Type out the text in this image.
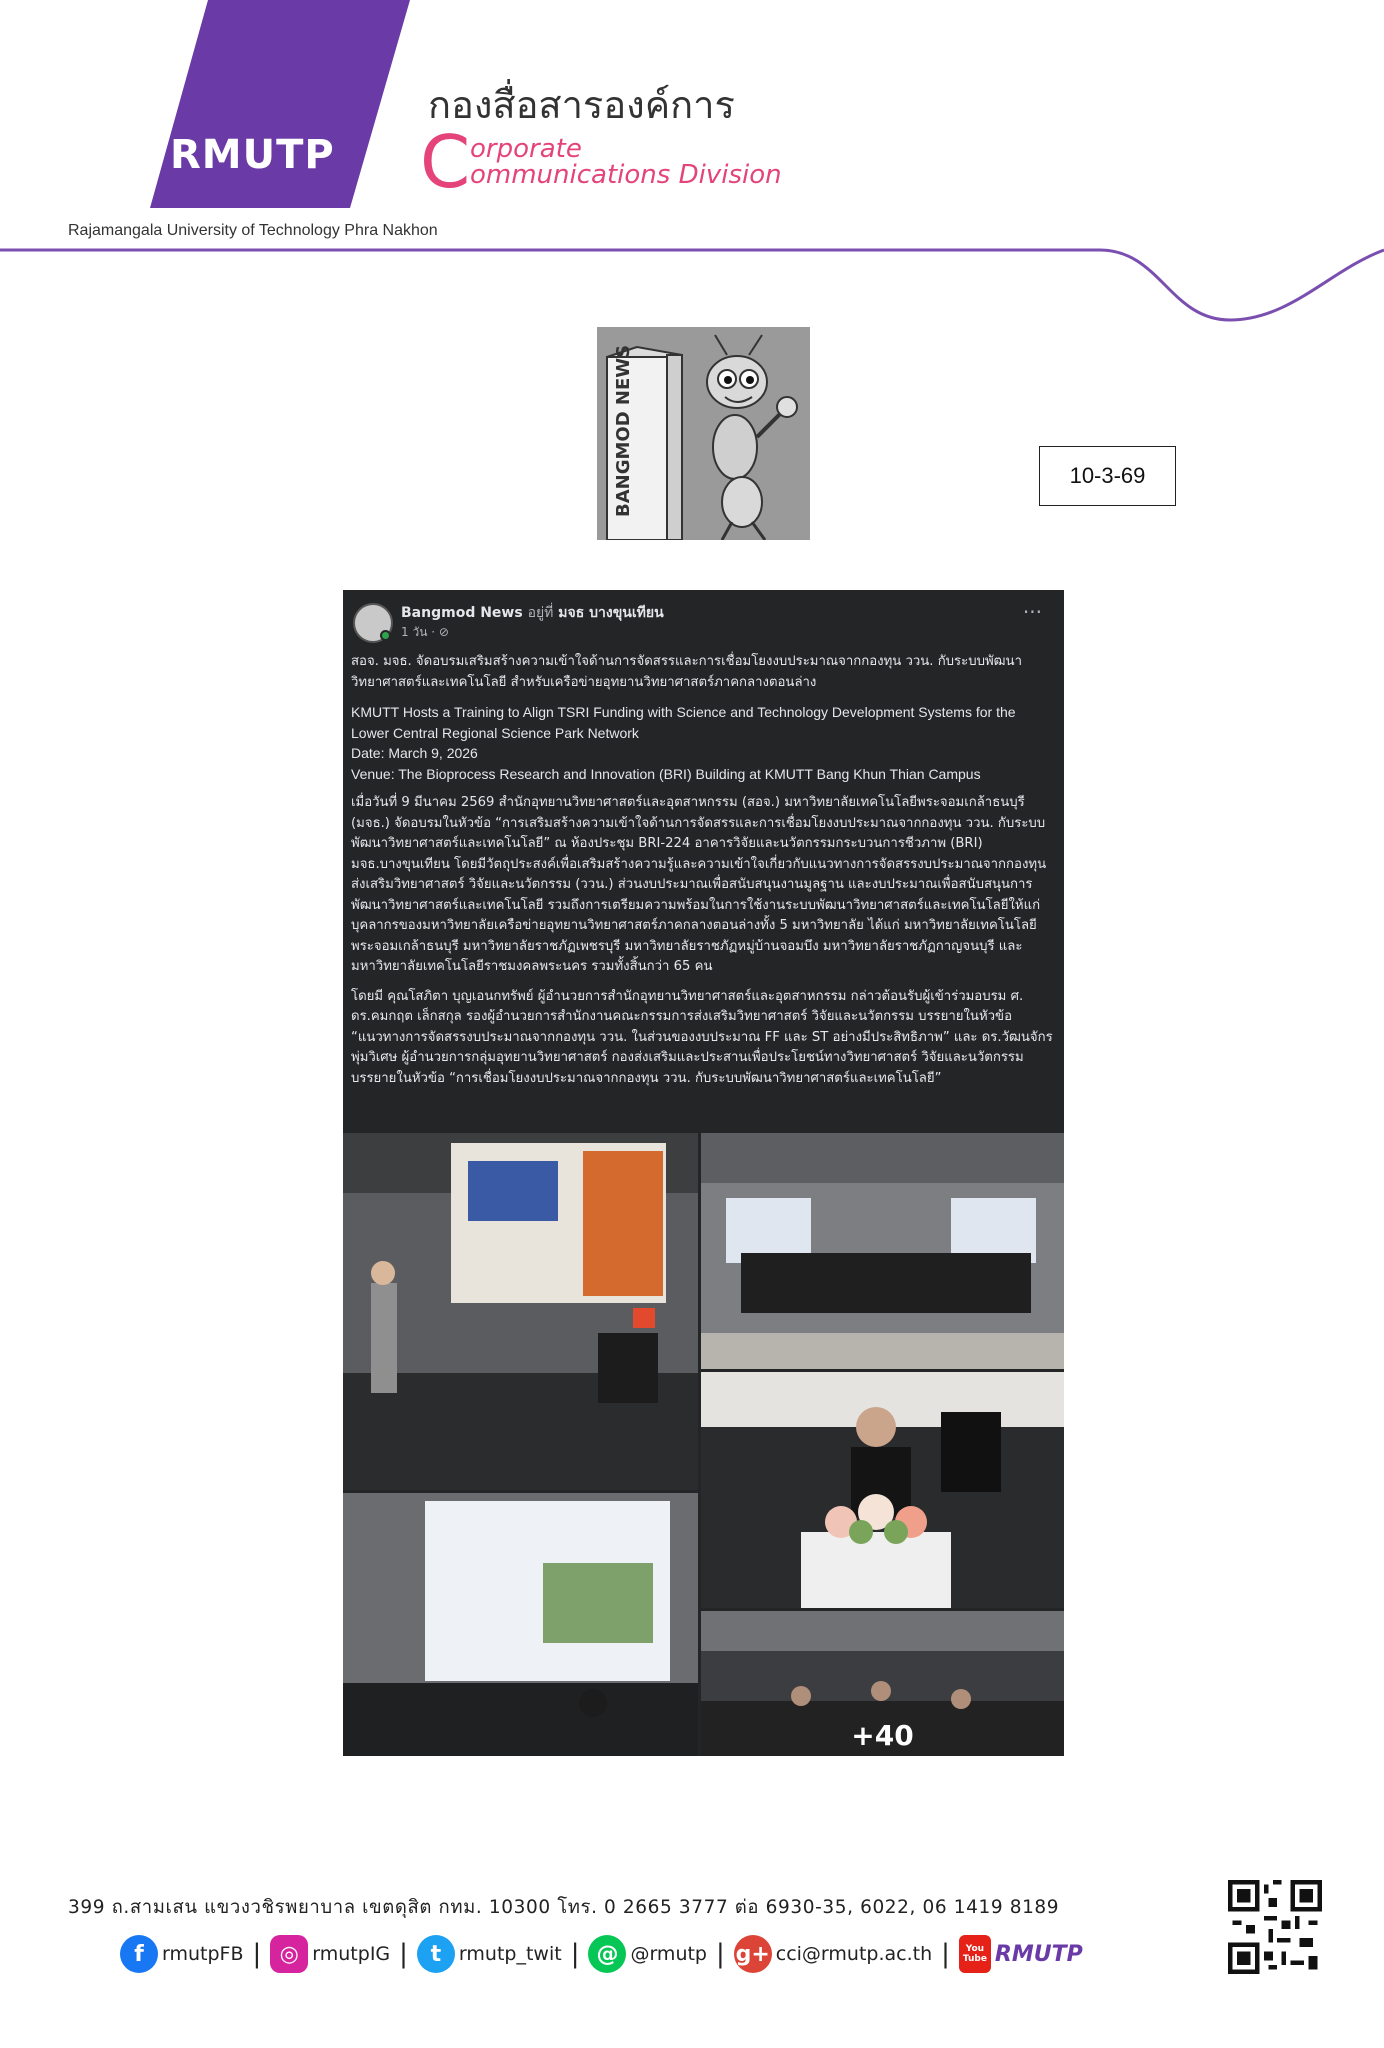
RMUTP
กองสื่อสารองค์การ
C orporate
ommunications Division
Rajamangala University of Technology Phra Nakhon
BANGMOD NEWS	10-3-69
Bangmod News อยู่ที่ มจธ บางขุนเทียน
1 วัน · ⊘
···

สอจ. มจธ. จัดอบรมเสริมสร้างความเข้าใจด้านการจัดสรรและการเชื่อมโยงงบประมาณจากกองทุน ววน. กับระบบพัฒนาวิทยาศาสตร์และเทคโนโลยี สำหรับเครือข่ายอุทยานวิทยาศาสตร์ภาคกลางตอนล่าง

KMUTT Hosts a Training to Align TSRI Funding with Science and Technology Development Systems for the Lower Central Regional Science Park Network

Date: March 9, 2026

Venue: The Bioprocess Research and Innovation (BRI) Building at KMUTT Bang Khun Thian Campus

เมื่อวันที่ 9 มีนาคม 2569 สำนักอุทยานวิทยาศาสตร์และอุตสาหกรรม (สอจ.) มหาวิทยาลัยเทคโนโลยีพระจอมเกล้าธนบุรี (มจธ.) จัดอบรมในหัวข้อ “การเสริมสร้างความเข้าใจด้านการจัดสรรและการเชื่อมโยงงบประมาณจากกองทุน ววน. กับระบบพัฒนาวิทยาศาสตร์และเทคโนโลยี” ณ ห้องประชุม BRI-224 อาคารวิจัยและนวัตกรรมกระบวนการชีวภาพ (BRI) มจธ.บางขุนเทียน โดยมีวัตถุประสงค์เพื่อเสริมสร้างความรู้และความเข้าใจเกี่ยวกับแนวทางการจัดสรรงบประมาณจากกองทุนส่งเสริมวิทยาศาสตร์ วิจัยและนวัตกรรม (ววน.) ส่วนงบประมาณเพื่อสนับสนุนงานมูลฐาน และงบประมาณเพื่อสนับสนุนการพัฒนาวิทยาศาสตร์และเทคโนโลยี รวมถึงการเตรียมความพร้อมในการใช้งานระบบพัฒนาวิทยาศาสตร์และเทคโนโลยีให้แก่บุคลากรของมหาวิทยาลัยเครือข่ายอุทยานวิทยาศาสตร์ภาคกลางตอนล่างทั้ง 5 มหาวิทยาลัย ได้แก่ มหาวิทยาลัยเทคโนโลยีพระจอมเกล้าธนบุรี มหาวิทยาลัยราชภัฏเพชรบุรี มหาวิทยาลัยราชภัฏหมู่บ้านจอมบึง มหาวิทยาลัยราชภัฏกาญจนบุรี และมหาวิทยาลัยเทคโนโลยีราชมงคลพระนคร รวมทั้งสิ้นกว่า 65 คน

โดยมี คุณโสภิตา บุญเอนกทรัพย์ ผู้อำนวยการสำนักอุทยานวิทยาศาสตร์และอุตสาหกรรม กล่าวต้อนรับผู้เข้าร่วมอบรม ศ. ดร.คมกฤต เล็กสกุล รองผู้อำนวยการสำนักงานคณะกรรมการส่งเสริมวิทยาศาสตร์ วิจัยและนวัตกรรม บรรยายในหัวข้อ “แนวทางการจัดสรรงบประมาณจากกองทุน ววน. ในส่วนของงบประมาณ FF และ ST อย่างมีประสิทธิภาพ” และ ดร.วัฒนจักร พุ่มวิเศษ ผู้อำนวยการกลุ่มอุทยานวิทยาศาสตร์ กองส่งเสริมและประสานเพื่อประโยชน์ทางวิทยาศาสตร์ วิจัยและนวัตกรรม บรรยายในหัวข้อ “การเชื่อมโยงงบประมาณจากกองทุน ววน. กับระบบพัฒนาวิทยาศาสตร์และเทคโนโลยี”

+40
399 ถ.สามเสน แขวงวชิรพยาบาล เขตดุสิต กทม. 10300 โทร. 0 2665 3777 ต่อ 6930-35, 6022, 06 1419 8189
f rmutpFB | ◎ rmutpIG |	t rmutp_twit | @ @rmutp | g+ cci@rmutp.ac.th |	You Tube RMUTP
